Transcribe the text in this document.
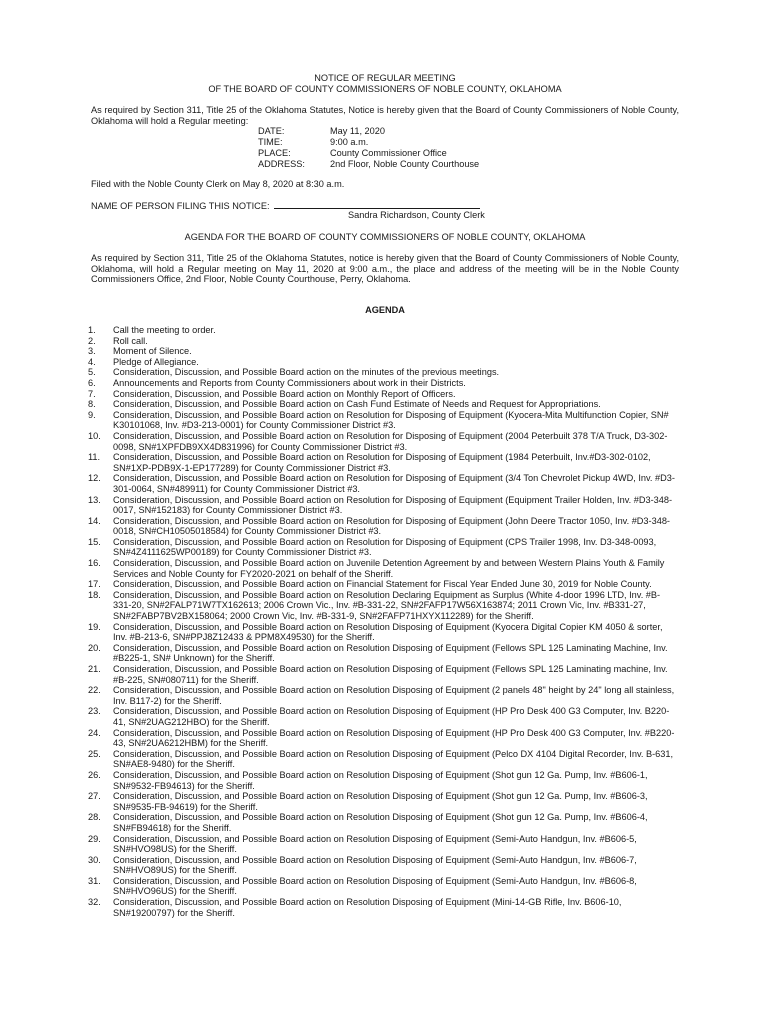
NOTICE OF REGULAR MEETING
OF THE BOARD OF COUNTY COMMISSIONERS OF NOBLE COUNTY, OKLAHOMA
As required by Section 311, Title 25 of the Oklahoma Statutes, Notice is hereby given that the Board of County Commissioners of Noble County, Oklahoma will hold a Regular meeting:
DATE:	May 11, 2020
TIME:	9:00 a.m.
PLACE:	County Commissioner Office
ADDRESS:	2nd Floor, Noble County Courthouse
Filed with the Noble County Clerk on May 8, 2020 at 8:30 a.m.
NAME OF PERSON FILING THIS NOTICE:
Sandra Richardson, County Clerk
AGENDA FOR THE BOARD OF COUNTY COMMISSIONERS OF NOBLE COUNTY, OKLAHOMA
As required by Section 311, Title 25 of the Oklahoma Statutes, notice is hereby given that the Board of County Commissioners of Noble County, Oklahoma, will hold a Regular meeting on May 11, 2020 at 9:00 a.m., the place and address of the meeting will be in the Noble County Commissioners Office, 2nd Floor, Noble County Courthouse, Perry, Oklahoma.
AGENDA
1. Call the meeting to order.
2. Roll call.
3. Moment of Silence.
4. Pledge of Allegiance.
5. Consideration, Discussion, and Possible Board action on the minutes of the previous meetings.
6. Announcements and Reports from County Commissioners about work in their Districts.
7. Consideration, Discussion, and Possible Board action on Monthly Report of Officers.
8. Consideration, Discussion, and Possible Board action on Cash Fund Estimate of Needs and Request for Appropriations.
9. Consideration, Discussion, and Possible Board action on Resolution for Disposing of Equipment (Kyocera-Mita Multifunction Copier, SN# K30101068, Inv. #D3-213-0001) for County Commissioner District #3.
10. Consideration, Discussion, and Possible Board action on Resolution for Disposing of Equipment (2004 Peterbuilt 378 T/A Truck, D3-302-0098, SN#1XPFDB9XX4D831996) for County Commissioner District #3.
11. Consideration, Discussion, and Possible Board action on Resolution for Disposing of Equipment (1984 Peterbuilt, Inv.#D3-302-0102, SN#1XP-PDB9X-1-EP177289) for County Commissioner District #3.
12. Consideration, Discussion, and Possible Board action on Resolution for Disposing of Equipment (3/4 Ton Chevrolet Pickup 4WD, Inv. #D3-301-0064, SN#489911) for County Commissioner District #3.
13. Consideration, Discussion, and Possible Board action on Resolution for Disposing of Equipment (Equipment Trailer Holden, Inv. #D3-348-0017, SN#152183) for County Commissioner District #3.
14. Consideration, Discussion, and Possible Board action on Resolution for Disposing of Equipment (John Deere Tractor 1050, Inv. #D3-348-0018, SN#CH10505018584) for County Commissioner District #3.
15. Consideration, Discussion, and Possible Board action on Resolution for Disposing of Equipment (CPS Trailer 1998, Inv. D3-348-0093, SN#4Z4111625WP00189) for County Commissioner District #3.
16. Consideration, Discussion, and Possible Board action on Juvenile Detention Agreement by and between Western Plains Youth & Family Services and Noble County for FY2020-2021 on behalf of the Sheriff.
17. Consideration, Discussion, and Possible Board action on Financial Statement for Fiscal Year Ended June 30, 2019 for Noble County.
18. Consideration, Discussion, and Possible Board action on Resolution Declaring Equipment as Surplus (White 4-door 1996 LTD, Inv. #B-331-20, SN#2FALP71W7TX162613; 2006 Crown Vic., Inv. #B-331-22, SN#2FAFP17W56X163874; 2011 Crown Vic, Inv. #B331-27, SN#2FABP7BV2BX158064; 2000 Crown Vic, Inv. #B-331-9, SN#2FAFP71HXYX112289) for the Sheriff.
19. Consideration, Discussion, and Possible Board action on Resolution Disposing of Equipment (Kyocera Digital Copier KM 4050 & sorter, Inv. #B-213-6, SN#PPJ8Z12433 & PPM8X49530) for the Sheriff.
20. Consideration, Discussion, and Possible Board action on Resolution Disposing of Equipment (Fellows SPL 125 Laminating Machine, Inv. #B225-1, SN# Unknown) for the Sheriff.
21. Consideration, Discussion, and Possible Board action on Resolution Disposing of Equipment (Fellows SPL 125 Laminating machine, Inv. #B-225, SN#080711) for the Sheriff.
22. Consideration, Discussion, and Possible Board action on Resolution Disposing of Equipment (2 panels 48" height by 24" long all stainless, Inv. B117-2) for the Sheriff.
23. Consideration, Discussion, and Possible Board action on Resolution Disposing of Equipment (HP Pro Desk 400 G3 Computer, Inv. B220-41, SN#2UAG212HBO) for the Sheriff.
24. Consideration, Discussion, and Possible Board action on Resolution Disposing of Equipment (HP Pro Desk 400 G3 Computer, Inv. #B220-43, SN#2UA6212HBM) for the Sheriff.
25. Consideration, Discussion, and Possible Board action on Resolution Disposing of Equipment (Pelco DX 4104 Digital Recorder, Inv. B-631, SN#AE8-9480) for the Sheriff.
26. Consideration, Discussion, and Possible Board action on Resolution Disposing of Equipment (Shot gun 12 Ga. Pump, Inv. #B606-1, SN#9532-FB94613) for the Sheriff.
27. Consideration, Discussion, and Possible Board action on Resolution Disposing of Equipment (Shot gun 12 Ga. Pump, Inv. #B606-3, SN#9535-FB-94619) for the Sheriff.
28. Consideration, Discussion, and Possible Board action on Resolution Disposing of Equipment (Shot gun 12 Ga. Pump, Inv. #B606-4, SN#FB94618) for the Sheriff.
29. Consideration, Discussion, and Possible Board action on Resolution Disposing of Equipment (Semi-Auto Handgun, Inv. #B606-5, SN#HVO98US) for the Sheriff.
30. Consideration, Discussion, and Possible Board action on Resolution Disposing of Equipment (Semi-Auto Handgun, Inv. #B606-7, SN#HVO89US) for the Sheriff.
31. Consideration, Discussion, and Possible Board action on Resolution Disposing of Equipment (Semi-Auto Handgun, Inv. #B606-8, SN#HVO96US) for the Sheriff.
32. Consideration, Discussion, and Possible Board action on Resolution Disposing of Equipment (Mini-14-GB Rifle, Inv. B606-10, SN#19200797) for the Sheriff.
